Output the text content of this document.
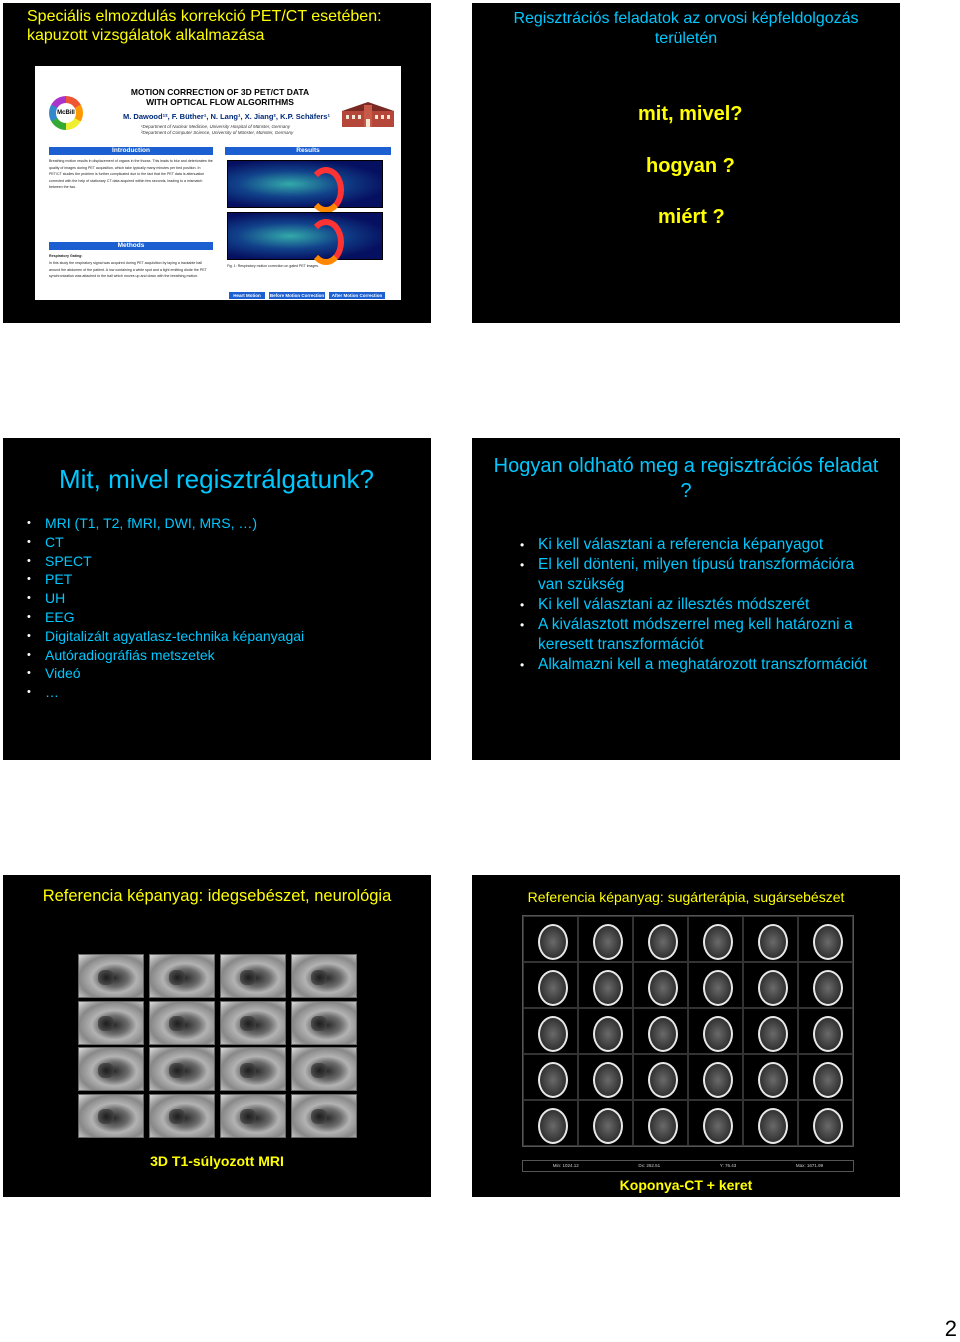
Speciális elmozdulás korrekció PET/CT esetében: kapuzott vizsgálatok alkalmazása
McBill
MOTION CORRECTION OF 3D PET/CT DATA WITH OPTICAL FLOW ALGORITHMS
M. Dawood¹², F. Büther¹, N. Lang¹, X. Jiang², K.P. Schäfers¹
¹Department of Nuclear Medicine, University Hospital of Münster, Germany
²Department of Computer Science, University of Münster, Münster, Germany
Introduction	Results
Breathing motion results in displacement of organs in the thorax. This leads to blur and deteriorates the quality of images during PET acquisition, which take typically many minutes per bed position. In PET/CT studies the problem is further complicated due to the fact that the PET data is attenuation corrected with the help of stationary CT data acquired within few seconds, leading to a mismatch between the two.
Methods
Respiratory Gating:
In this study the respiratory signal was acquired during PET acquisition by laying a trackable ball around the abdomen of the patient. A low containing a white spot and a light emitting diode the PET synchronization was attached to the ball which moves up and down with the breathing motion.
Fig. 1: Respiratory motion correction on gated PET images.
Heart Motion	Before Motion Correction	After Motion Correction
Regisztrációs feladatok az orvosi képfeldolgozás területén
mit, mivel?
hogyan ?
miért ?
Mit, mivel regisztrálgatunk?
• MRI (T1, T2, fMRI, DWI, MRS, …)
• CT
• SPECT
• PET
• UH
• EEG
• Digitalizált agyatlasz-technika képanyagai
• Autóradiográfiás metszetek
• Videó
• …
Hogyan oldható meg a regisztrációs feladat ?
• Ki kell választani a referencia képanyagot
• El kell dönteni, milyen típusú transzformációra van szükség
• Ki kell választani az illesztés módszerét
• A kiválasztott módszerrel meg kell határozni a keresett transzformációt
• Alkalmazni kell a meghatározott transzformációt
Referencia képanyag: idegsebészet, neurológia
3D T1-súlyozott MRI
Referencia képanyag: sugárterápia, sugársebészet
Min: 1024.12	Dx: 262.51	Y: 76.43	Max: 1671.99
Koponya-CT + keret
2
